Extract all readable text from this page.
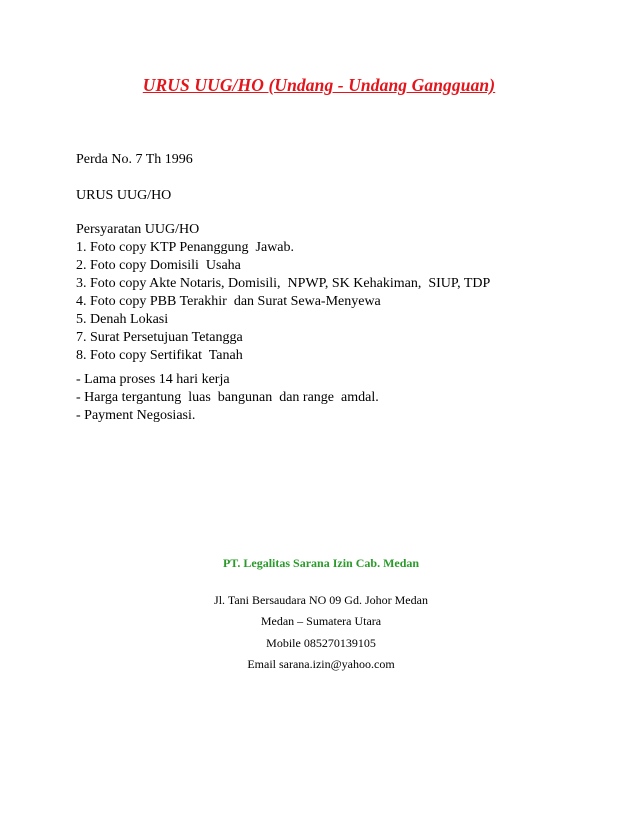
URUS UUG/HO (Undang - Undang Gangguan)
Perda No. 7 Th 1996
URUS UUG/HO
Persyaratan UUG/HO
1. Foto copy KTP Penanggung  Jawab.
2. Foto copy Domisili  Usaha
3. Foto copy Akte Notaris, Domisili,  NPWP, SK Kehakiman,  SIUP, TDP
4. Foto copy PBB Terakhir  dan Surat Sewa-Menyewa
5. Denah Lokasi
7. Surat Persetujuan Tetangga
8. Foto copy Sertifikat  Tanah
- Lama proses 14 hari kerja
- Harga tergantung  luas  bangunan  dan range  amdal.
- Payment Negosiasi.
PT. Legalitas Sarana Izin Cab. Medan
Jl. Tani Bersaudara NO 09 Gd. Johor Medan
Medan – Sumatera Utara
Mobile 085270139105
Email sarana.izin@yahoo.com
